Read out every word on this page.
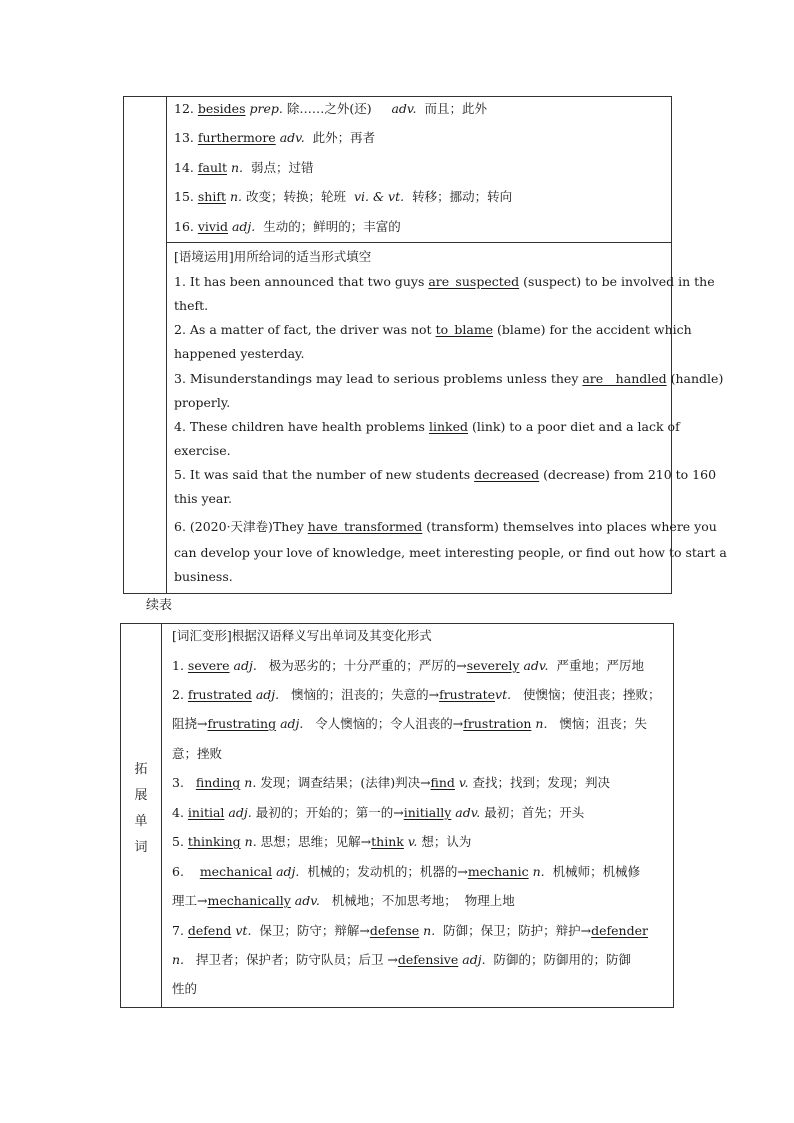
12. besides prep. 除……之外(还) adv. 而且；此外
13. furthermore adv. 此外；再者
14. fault n. 弱点；过错
15. shift n. 改变；转换；轮班 vi. & vt. 转移；挪动；转向
16. vivid adj. 生动的；鲜明的；丰富的
[语境运用]用所给词的适当形式填空
1. It has been announced that two guys are_suspected (suspect) to be involved in the
theft.
2. As a matter of fact, the driver was not to_blame (blame) for the accident which
happened yesterday.
3. Misunderstandings may lead to serious problems unless they are__handled (handle)
properly.
4. These children have health problems linked (link) to a poor diet and a lack of
exercise.
5. It was said that the number of new students decreased (decrease) from 210 to 160
this year.
6. (2020·天津卷)They have_transformed (transform) themselves into places where you
can develop your love of knowledge, meet interesting people, or find out how to start a
business.
续表
拓
展
单
词
[词汇变形]根据汉语释义写出单词及其变化形式
1. severe adj. 极为恶劣的；十分严重的；严厉的→severely adv. 严重地；严厉地
2. frustrated adj. 懊恼的；沮丧的；失意的→frustratevt. 使懊恼；使沮丧；挫败；
阻挠→frustrating adj. 令人懊恼的；令人沮丧的→frustration n. 懊恼；沮丧；失
意；挫败
3.   finding n. 发现；调查结果；(法律)判决→find v. 查找；找到；发现；判决
4. initial adj. 最初的；开始的；第一的→initially adv. 最初；首先；开头
5. thinking n. 思想；思维；见解→think v. 想；认为
6.    mechanical adj. 机械的；发动机的；机器的→mechanic n. 机械师；机械修
理工→mechanically adv. 机械地；不加思考地； 物理上地
7. defend vt. 保卫；防守；辩解→defense n. 防御；保卫；防护；辩护→defender
n. 捍卫者；保护者；防守队员；后卫 →defensive adj. 防御的；防御用的；防御
性的
